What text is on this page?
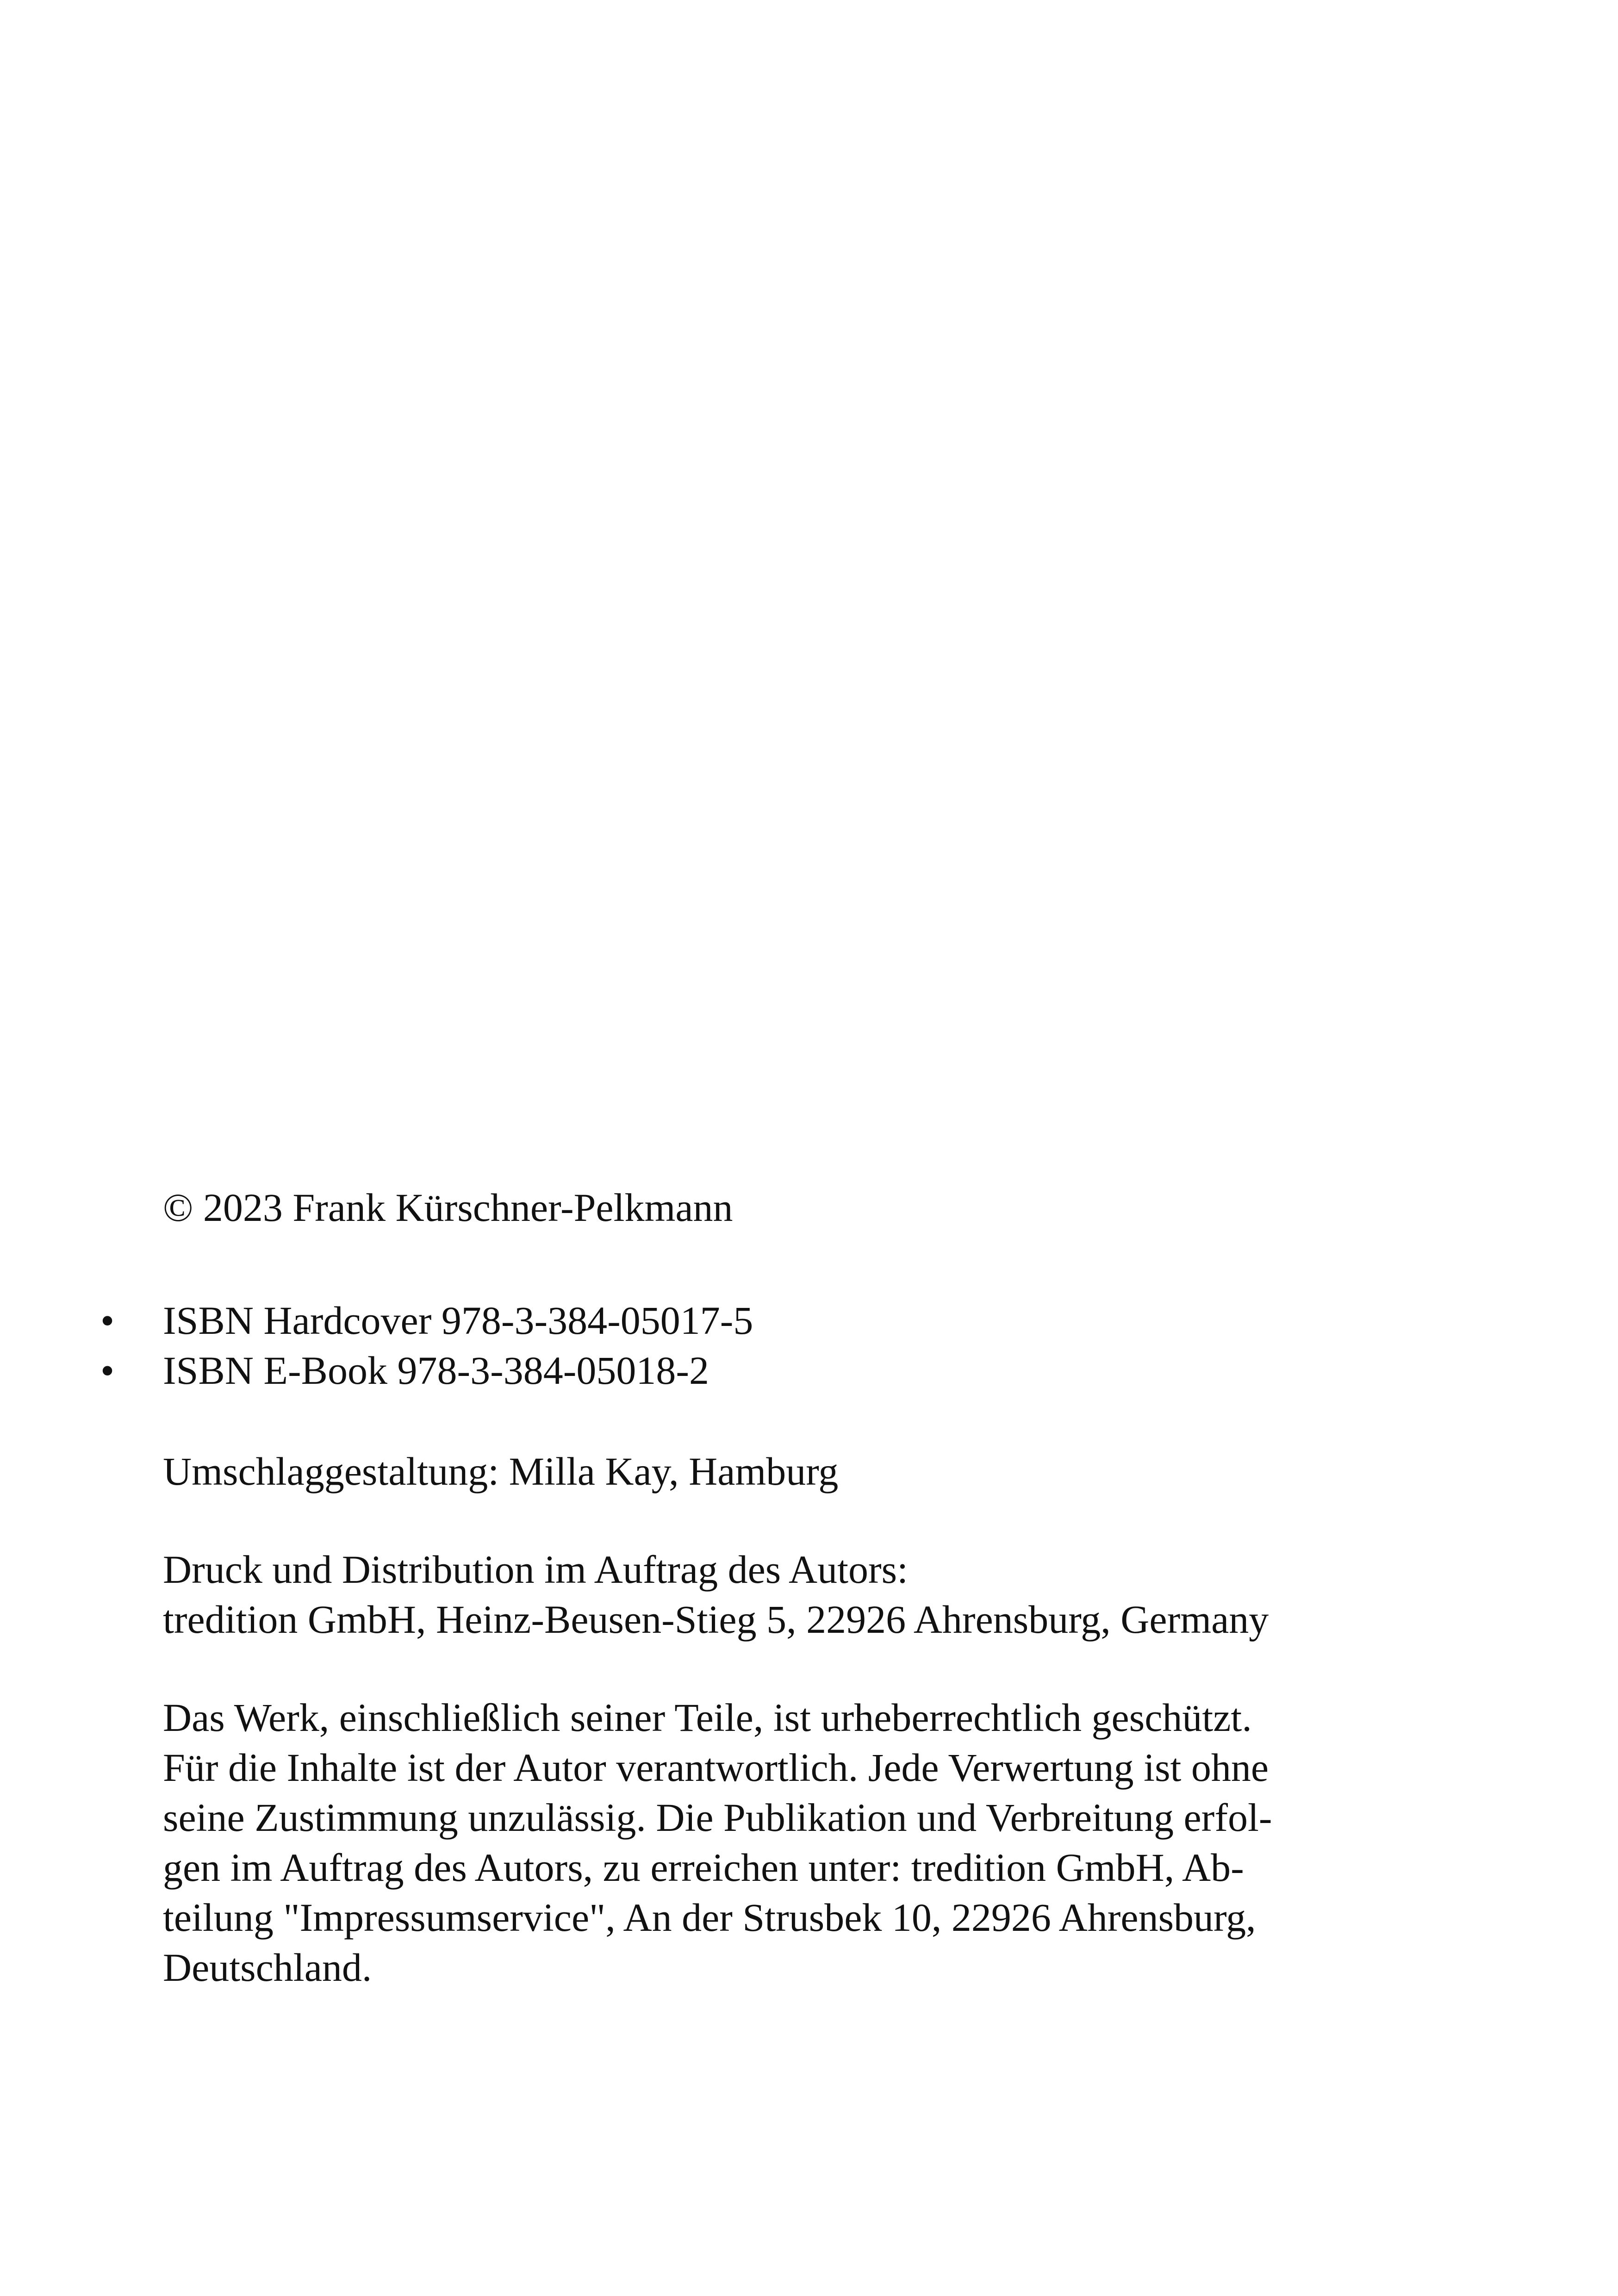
© 2023 Frank Kürschner-Pelkmann

• ISBN Hardcover 978-3-384-05017-5
• ISBN E-Book 978-3-384-05018-2

Umschlaggestaltung: Milla Kay, Hamburg

Druck und Distribution im Auftrag des Autors:
tredition GmbH, Heinz-Beusen-Stieg 5, 22926 Ahrensburg, Germany
Das Werk, einschließlich seiner Teile, ist urheberrechtlich geschützt.
Für die Inhalte ist der Autor verantwortlich. Jede Verwertung ist ohne
seine Zustimmung unzulässig. Die Publikation und Verbreitung erfol-
gen im Auftrag des Autors, zu erreichen unter: tredition GmbH, Ab-
teilung "Impressumservice", An der Strusbek 10, 22926 Ahrensburg,
Deutschland.
